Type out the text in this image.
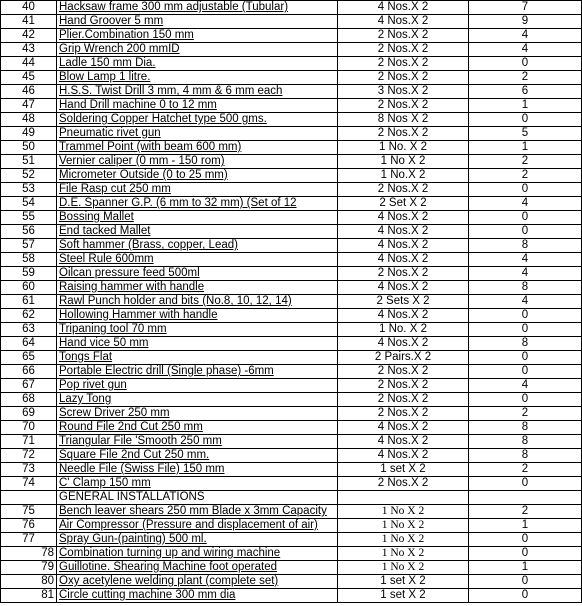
40	Hacksaw frame 300 mm adjustable (Tubular)	4 Nos.X 2	7
41	Hand Groover 5 mm	4 Nos.X 2	9
42	Plier.Combination 150 mm	2 Nos.X 2	4
43	Grip Wrench 200 mmID	2 Nos.X 2	4
44	Ladle 150 mm Dia.	2 Nos.X 2	0
45	Blow Lamp 1 litre.	2 Nos.X 2	2
46	H.S.S. Twist Drill 3 mm, 4 mm & 6 mm each	3 Nos.X 2	6
47	Hand Drill machine 0 to 12 mm	2 Nos.X 2	1
48	Soldering Copper Hatchet type 500 gms.	8 Nos X 2	0
49	Pneumatic rivet gun	2 Nos.X 2	5
50	Trammel Point (with beam 600 mm)	1 No. X 2	1
51	Vernier caliper (0 mm - 150 rom)	1 No X 2	2
52	Micrometer Outside (0 to 25 mm)	1 No.X 2	2
53	File Rasp cut 250 mm	2 Nos.X 2	0
54	D.E. Spanner G.P. (6 mm to 32 mm) (Set of 12	2 Set X 2	4
55	Bossing Mallet	4 Nos.X 2	0
56	End tacked Mallet	4 Nos.X 2	0
57	Soft hammer (Brass, copper, Lead)	4 Nos.X 2	8
58	Steel Rule 600mm	4 Nos.X 2	4
59	Oilcan pressure feed 500ml	2 Nos.X 2	4
60	Raising hammer with handle	4 Nos.X 2	8
61	Rawl Punch holder and bits (No.8, 10, 12, 14)	2 Sets X 2	4
62	Hollowing Hammer with handle	4 Nos.X 2	0
63	Tripaning tool 70 mm	1 No. X 2	0
64	Hand vice 50 mm	4 Nos.X 2	8
65	Tongs Flat	2 Pairs.X 2	0
66	Portable Electric drill (Single phase) -6mm	2 Nos.X 2	0
67	Pop rivet gun	2 Nos.X 2	4
68	Lazy Tong	2 Nos.X 2	0
69	Screw Driver 250 mm	2 Nos.X 2	2
70	Round File 2nd Cut 250 mm	4 Nos.X 2	8
71	Triangular File 'Smooth 250 mm	4 Nos.X 2	8
72	Square File 2nd Cut 250 mm.	4 Nos.X 2	8
73	Needle File (Swiss File) 150 mm	1 set X 2	2
74	C' Clamp 150 mm	2 Nos.X 2	0
	GENERAL INSTALLATIONS		
75	Bench leaver shears 250 mm Blade x 3mm Capacity	1 No X 2	2
76	Air Compressor (Pressure and displacement of air)	1 No X 2	1
77	Spray Gun-(painting) 500 ml.	1 No X 2	0
78	Combination turning up and wiring machine	1 No X 2	0
79	Guillotine. Shearing Machine foot operated	1 No X 2	1
80	Oxy acetylene welding plant (complete set)	1 set X 2	0
81	Circle cutting machine 300 mm dia	1 set X 2	0
